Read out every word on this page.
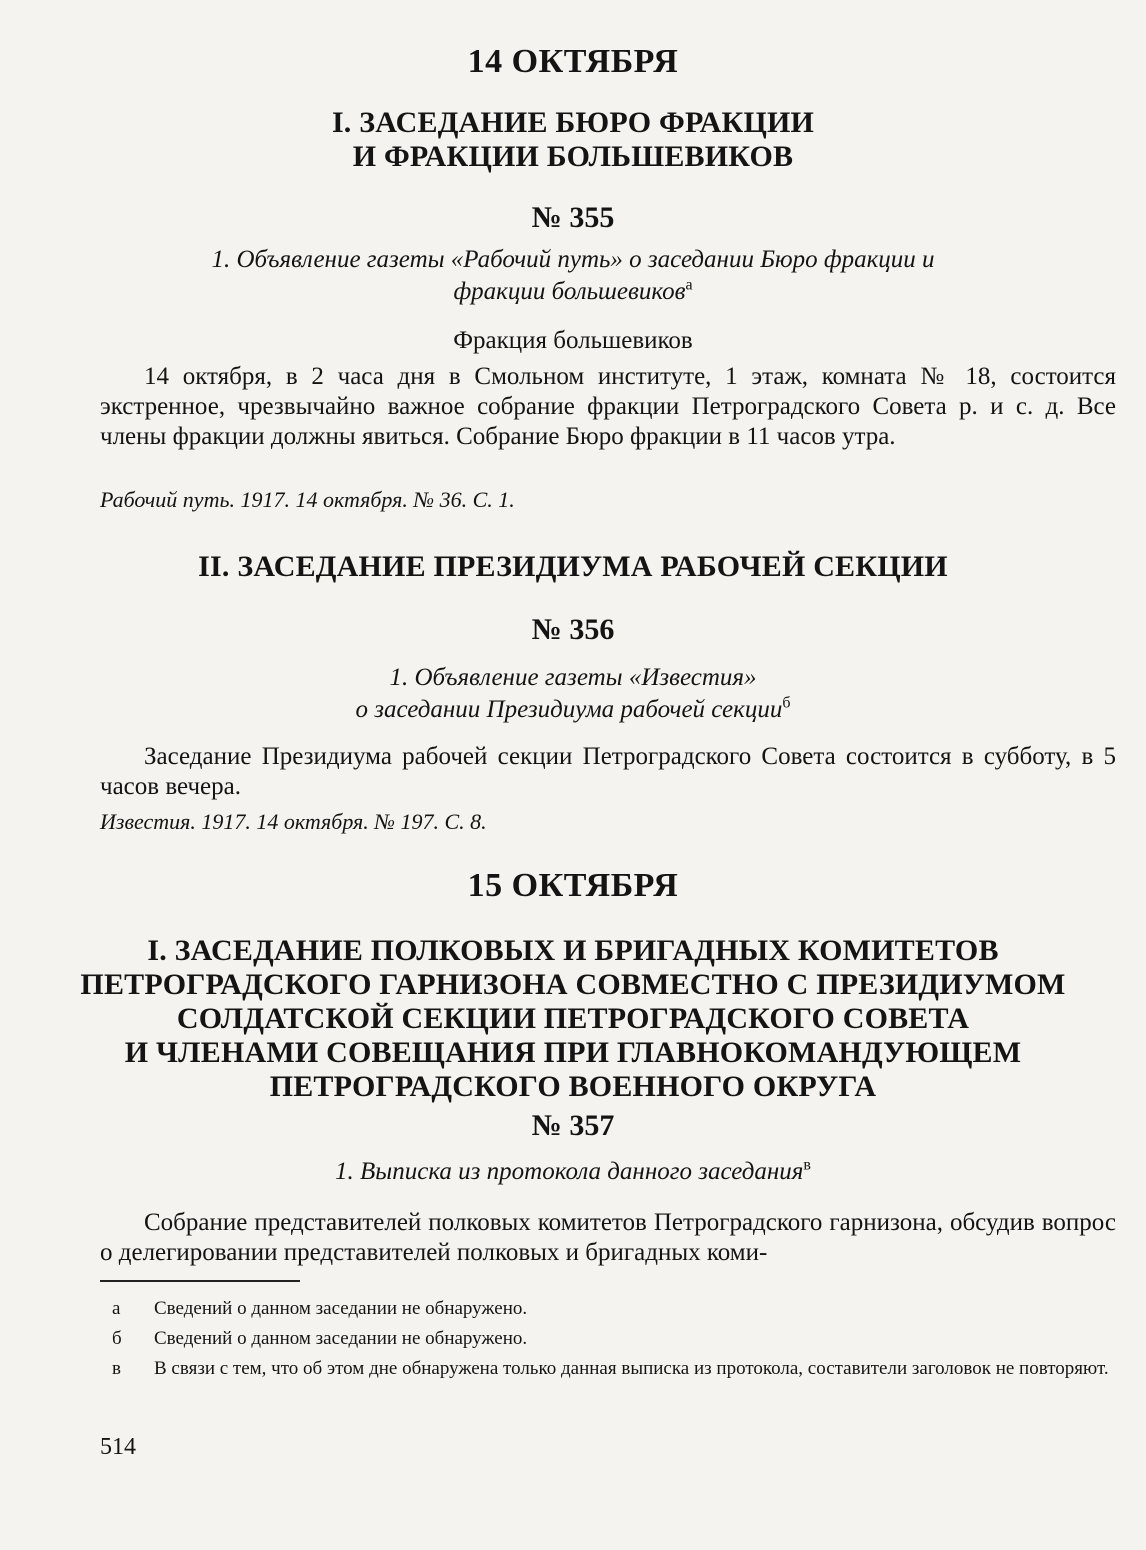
14 ОКТЯБРЯ

I. ЗАСЕДАНИЕ БЮРО ФРАКЦИИ

И ФРАКЦИИ БОЛЬШЕВИКОВ

№ 355

1. Объявление газеты «Рабочий путь» о заседании Бюро фракции и

фракции большевиков$^а$

Фракция большевиков

14 октября, в 2 часа дня в Смольном институте, 1 этаж, комната № 18, состоится экстренное, чрезвычайно важное собрание фракции Петроградского Совета р. и с. д. Все члены фракции должны явиться. Собрание Бюро фракции в 11 часов утра.

Рабочий путь. 1917. 14 октября. № 36. С. 1.

II. ЗАСЕДАНИЕ ПРЕЗИДИУМА РАБОЧЕЙ СЕКЦИИ

№ 356

1. Объявление газеты «Известия»

о заседании Президиума рабочей секции$^б$

Заседание Президиума рабочей секции Петроградского Совета состоится в субботу, в 5 часов вечера.

Известия. 1917. 14 октября. № 197. С. 8.

15 ОКТЯБРЯ

I. ЗАСЕДАНИЕ ПОЛКОВЫХ И БРИГАДНЫХ КОМИТЕТОВ

ПЕТРОГРАДСКОГО ГАРНИЗОНА СОВМЕСТНО С ПРЕЗИДИУМОМ

СОЛДАТСКОЙ СЕКЦИИ ПЕТРОГРАДСКОГО СОВЕТА

И ЧЛЕНАМИ СОВЕЩАНИЯ ПРИ ГЛАВНОКОМАНДУЮЩЕМ

ПЕТРОГРАДСКОГО ВОЕННОГО ОКРУГА

№ 357

1. Выписка из протокола данного заседания$^в$

Собрание представителей полковых комитетов Петроградского гарнизона, обсудив вопрос о делегировании представителей полковых и бригадных коми-

а	Сведений о данном заседании не обнаружено.
б	Сведений о данном заседании не обнаружено.
в	В связи с тем, что об этом дне обнаружена только данная выписка из протокола, составители заголовок не повторяют.

514
